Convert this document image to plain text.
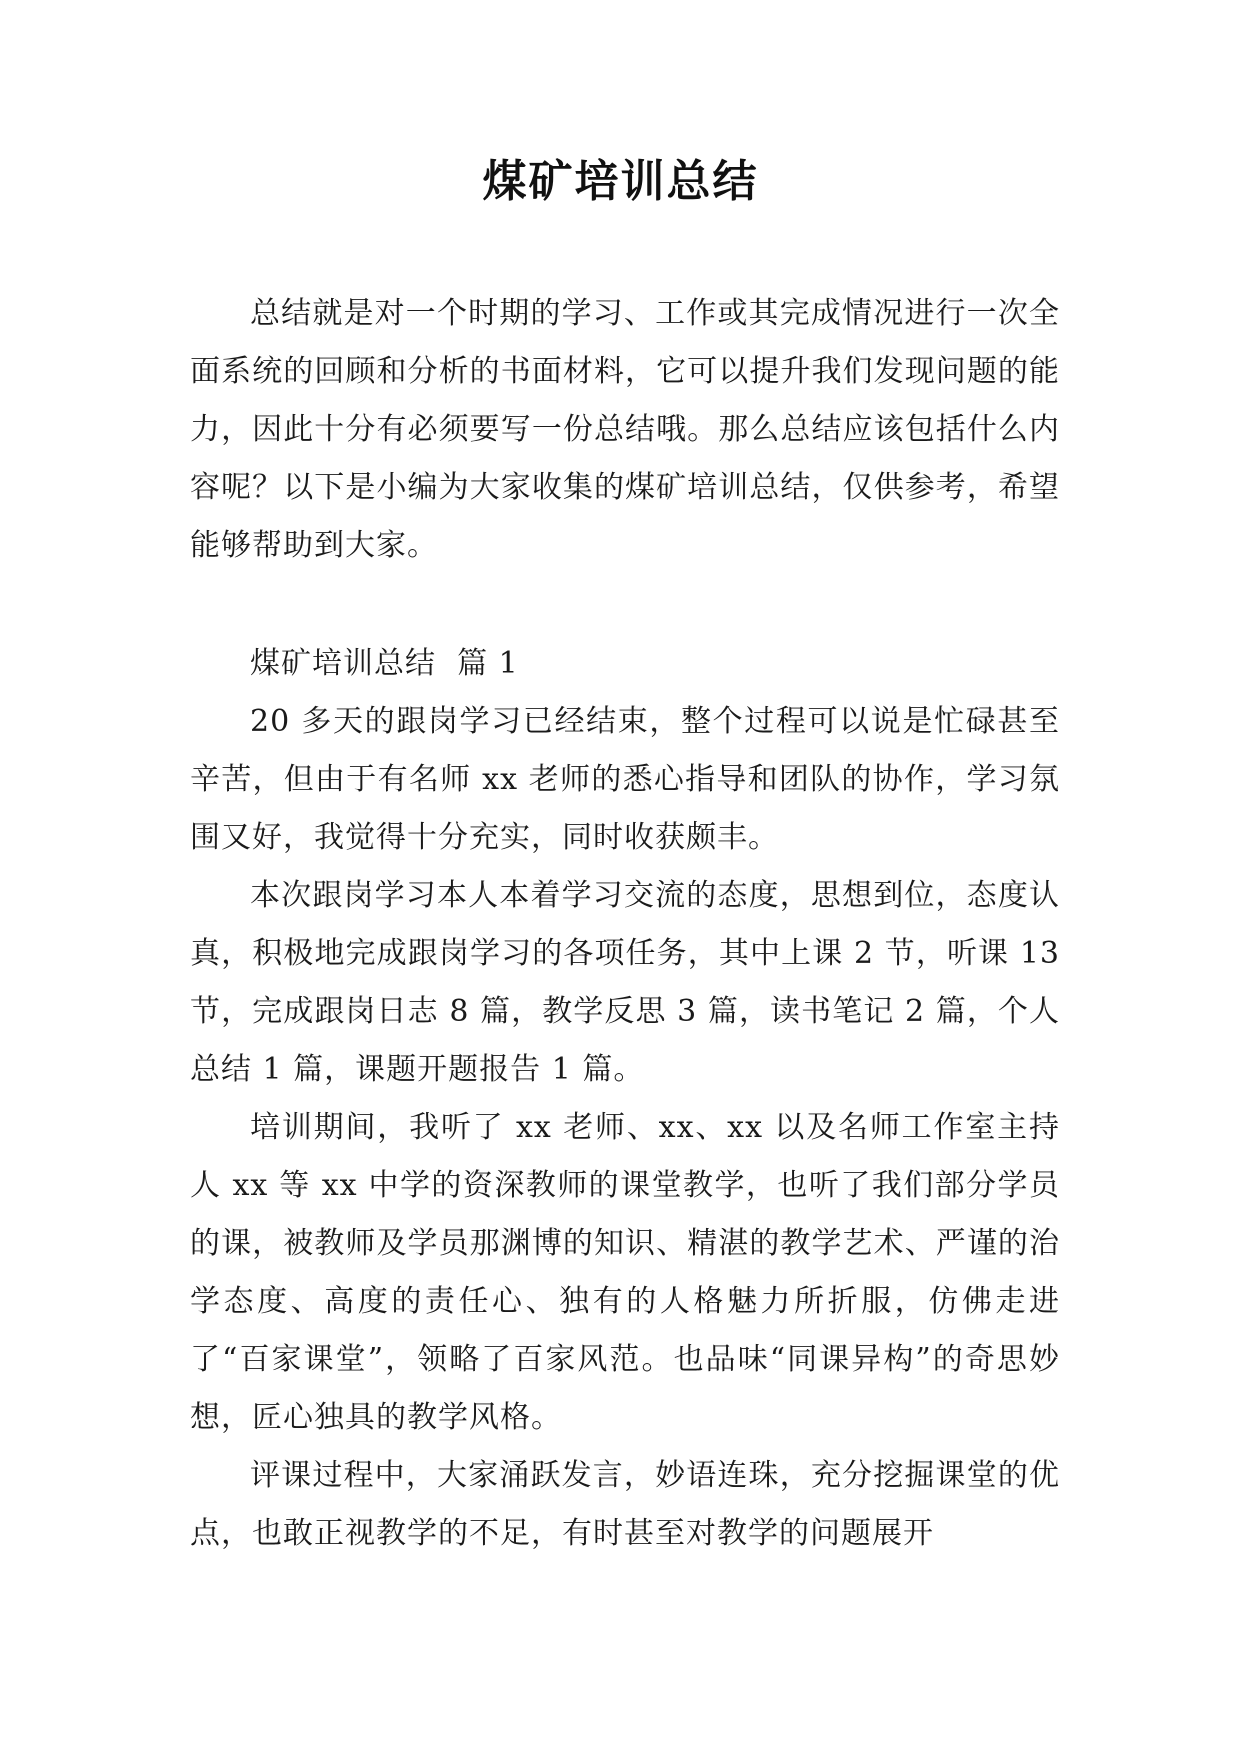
煤矿培训总结

总结就是对一个时期的学习、工作或其完成情况进行一次全面系统的回顾和分析的书面材料，它可以提升我们发现问题的能力，因此十分有必须要写一份总结哦。那么总结应该包括什么内容呢？以下是小编为大家收集的煤矿培训总结，仅供参考，希望能够帮助到大家。

煤矿培训总结  篇 1

20 多天的跟岗学习已经结束，整个过程可以说是忙碌甚至辛苦，但由于有名师 xx 老师的悉心指导和团队的协作，学习氛围又好，我觉得十分充实，同时收获颇丰。

本次跟岗学习本人本着学习交流的态度，思想到位，态度认真，积极地完成跟岗学习的各项任务，其中上课 2 节，听课 13 节，完成跟岗日志 8 篇，教学反思 3 篇，读书笔记 2 篇，个人总结 1 篇，课题开题报告 1 篇。

培训期间，我听了 xx 老师、xx、xx 以及名师工作室主持人 xx 等 xx 中学的资深教师的课堂教学，也听了我们部分学员的课，被教师及学员那渊博的知识、精湛的教学艺术、严谨的治学态度、高度的责任心、独有的人格魅力所折服，仿佛走进了“百家课堂”，领略了百家风范。也品味“同课异构”的奇思妙想，匠心独具的教学风格。

评课过程中，大家涌跃发言，妙语连珠，充分挖掘课堂的优点，也敢正视教学的不足，有时甚至对教学的问题展开
